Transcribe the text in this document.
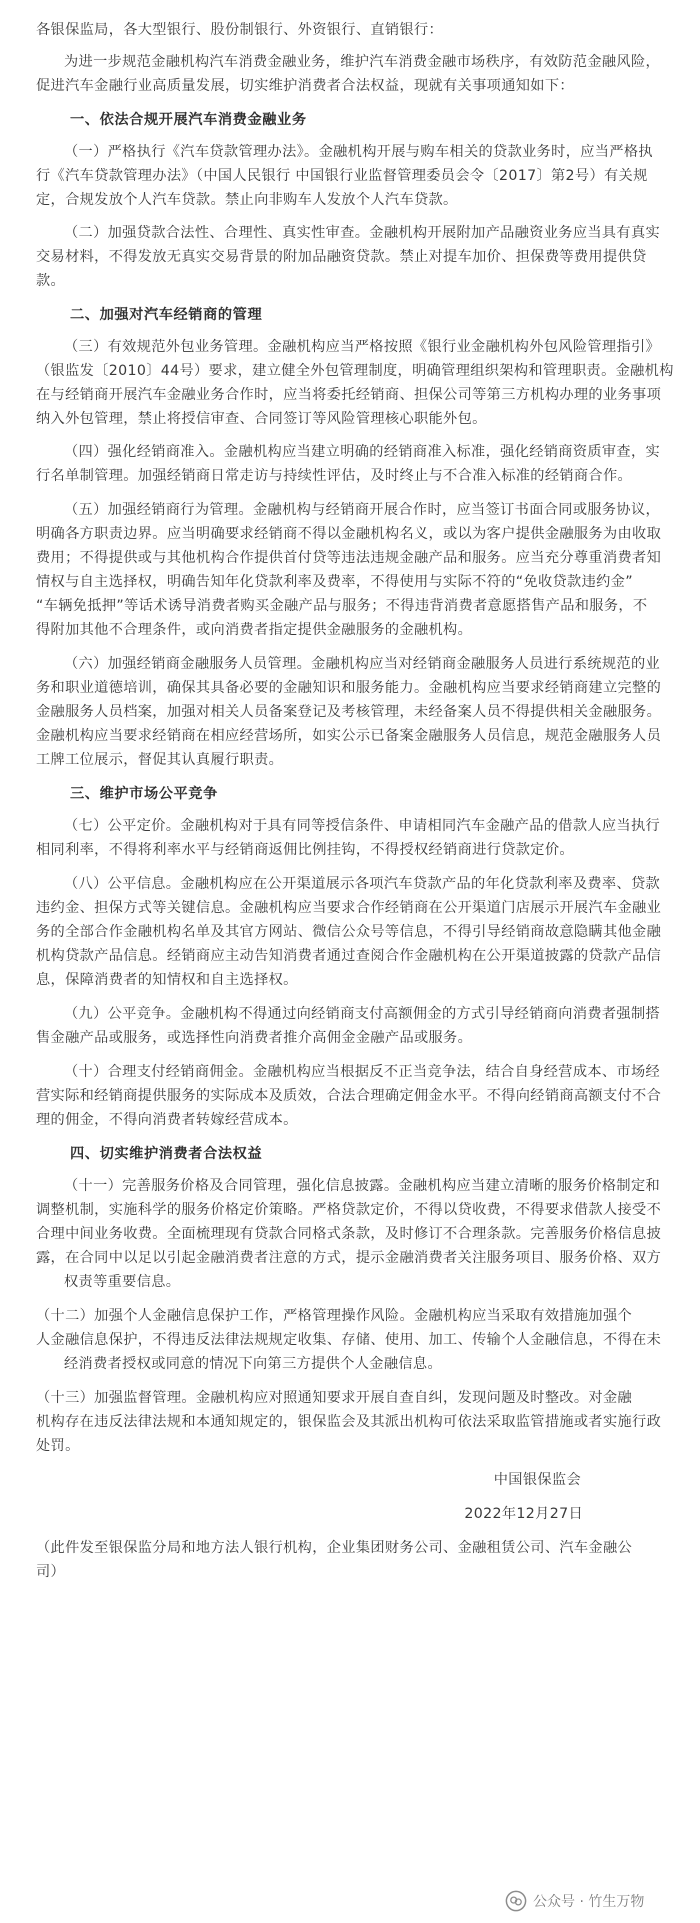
各银保监局，各大型银行、股份制银行、外资银行、直销银行：
为进一步规范金融机构汽车消费金融业务，维护汽车消费金融市场秩序，有效防范金融风险，
促进汽车金融行业高质量发展，切实维护消费者合法权益，现就有关事项通知如下：
一、依法合规开展汽车消费金融业务
（一）严格执行《汽车贷款管理办法》。金融机构开展与购车相关的贷款业务时，应当严格执
行《汽车贷款管理办法》（中国人民银行 中国银行业监督管理委员会令〔2017〕第2号）有关规
定，合规发放个人汽车贷款。禁止向非购车人发放个人汽车贷款。
（二）加强贷款合法性、合理性、真实性审查。金融机构开展附加产品融资业务应当具有真实
交易材料，不得发放无真实交易背景的附加品融资贷款。禁止对提车加价、担保费等费用提供贷
款。
二、加强对汽车经销商的管理
（三）有效规范外包业务管理。金融机构应当严格按照《银行业金融机构外包风险管理指引》
（银监发〔2010〕44号）要求，建立健全外包管理制度，明确管理组织架构和管理职责。金融机构
在与经销商开展汽车金融业务合作时，应当将委托经销商、担保公司等第三方机构办理的业务事项
纳入外包管理，禁止将授信审查、合同签订等风险管理核心职能外包。
（四）强化经销商准入。金融机构应当建立明确的经销商准入标准，强化经销商资质审查，实
行名单制管理。加强经销商日常走访与持续性评估，及时终止与不合准入标准的经销商合作。
（五）加强经销商行为管理。金融机构与经销商开展合作时，应当签订书面合同或服务协议，
明确各方职责边界。应当明确要求经销商不得以金融机构名义，或以为客户提供金融服务为由收取
费用；不得提供或与其他机构合作提供首付贷等违法违规金融产品和服务。应当充分尊重消费者知
情权与自主选择权，明确告知年化贷款利率及费率，不得使用与实际不符的“免收贷款违约金”
“车辆免抵押”等话术诱导消费者购买金融产品与服务；不得违背消费者意愿搭售产品和服务，不
得附加其他不合理条件，或向消费者指定提供金融服务的金融机构。
（六）加强经销商金融服务人员管理。金融机构应当对经销商金融服务人员进行系统规范的业
务和职业道德培训，确保其具备必要的金融知识和服务能力。金融机构应当要求经销商建立完整的
金融服务人员档案，加强对相关人员备案登记及考核管理，未经备案人员不得提供相关金融服务。
金融机构应当要求经销商在相应经营场所，如实公示已备案金融服务人员信息，规范金融服务人员
工牌工位展示，督促其认真履行职责。
三、维护市场公平竞争
（七）公平定价。金融机构对于具有同等授信条件、申请相同汽车金融产品的借款人应当执行
相同利率，不得将利率水平与经销商返佣比例挂钩，不得授权经销商进行贷款定价。
（八）公平信息。金融机构应在公开渠道展示各项汽车贷款产品的年化贷款利率及费率、贷款
违约金、担保方式等关键信息。金融机构应当要求合作经销商在公开渠道门店展示开展汽车金融业
务的全部合作金融机构名单及其官方网站、微信公众号等信息，不得引导经销商故意隐瞒其他金融
机构贷款产品信息。经销商应主动告知消费者通过查阅合作金融机构在公开渠道披露的贷款产品信
息，保障消费者的知情权和自主选择权。
（九）公平竞争。金融机构不得通过向经销商支付高额佣金的方式引导经销商向消费者强制搭
售金融产品或服务，或选择性向消费者推介高佣金金融产品或服务。
（十）合理支付经销商佣金。金融机构应当根据反不正当竞争法，结合自身经营成本、市场经
营实际和经销商提供服务的实际成本及质效，合法合理确定佣金水平。不得向经销商高额支付不合
理的佣金，不得向消费者转嫁经营成本。
四、切实维护消费者合法权益
（十一）完善服务价格及合同管理，强化信息披露。金融机构应当建立清晰的服务价格制定和
调整机制，实施科学的服务价格定价策略。严格贷款定价，不得以贷收费，不得要求借款人接受不
合理中间业务收费。全面梳理现有贷款合同格式条款，及时修订不合理条款。完善服务价格信息披
露，在合同中以足以引起金融消费者注意的方式，提示金融消费者关注服务项目、服务价格、双方
权责等重要信息。
（十二）加强个人金融信息保护工作，严格管理操作风险。金融机构应当采取有效措施加强个
人金融信息保护，不得违反法律法规规定收集、存储、使用、加工、传输个人金融信息，不得在未
经消费者授权或同意的情况下向第三方提供个人金融信息。
（十三）加强监督管理。金融机构应对照通知要求开展自查自纠，发现问题及时整改。对金融
机构存在违反法律法规和本通知规定的，银保监会及其派出机构可依法采取监管措施或者实施行政
处罚。
中国银保监会
2022年12月27日
（此件发至银保监分局和地方法人银行机构，企业集团财务公司、金融租赁公司、汽车金融公
司）
公众号 · 竹生万物
